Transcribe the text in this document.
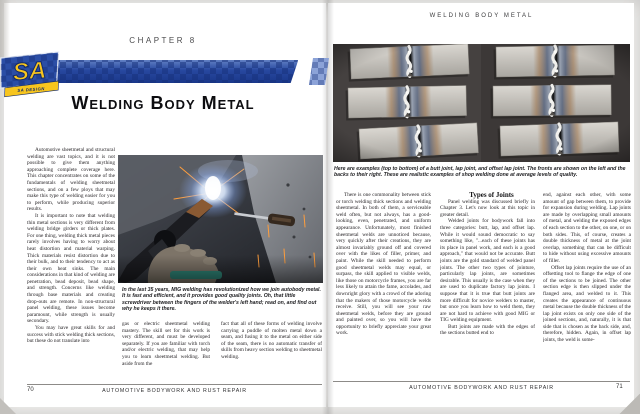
CHAPTER 8
SA
SA DESIGN
Welding Body Metal

Automotive sheetmetal and structural welding are vast topics, and it is not possible to give them anything approaching complete coverage here. This chapter concentrates on some of the fundamentals of welding sheetmetal sections, and on a few ploys that may make this type of welding easier for you to perform, while producing superior results.

It is important to note that welding thin metal sections is very different from welding bridge girders or thick plates. For one thing, welding thick metal pieces rarely involves having to worry about heat distortion and material warping. Thick materials resist distortion due to their bulk, and to their tendency to act as their own heat sinks. The main considerations in that kind of welding are penetration, bead deposit, bead shape, and strength. Concerns like welding through base materials and creating drop-outs are remote. In non-structural panel welding, these issues become paramount, while strength is usually secondary.

You may have great skills for and success with stick welding thick sections, but these do not translate into

In the last 35 years, MIG welding has revolutionized how we join autobody metal. It is fast and efficient, and it provides good quality joints. Oh, that little screwdriver between the fingers of the welder's left hand; read on, and find out why he keeps it there.

gas or electric sheetmetal welding mastery. The skill set for this work is very different, and must be developed separately. If you are familiar with torch and/or electric welding, that may help you to learn sheetmetal welding. But aside from the

fact that all of these forms of welding involve carrying a puddle of molten metal down a seam, and fusing it to the metal on either side of the seam, there is no automatic transfer of skills from heavy section welding to sheetmetal welding.

70	AUTOMOTIVE BODYWORK AND RUST REPAIR
WELDING BODY METAL
Here are examples (top to bottom) of a butt joint, lap joint, and offset lap joint. The fronts are shown on the left and the backs to their right. These are realistic examples of shop welding done at average levels of quality.

There is one commonality between stick or torch welding thick sections and welding sheetmetal. In both of them, a serviceable weld often, but not always, has a good-looking, even, penetrated, and uniform appearance. Unfortunately, most finished sheetmetal welds are unnoticed because, very quickly after their creations, they are almost invariably ground off and covered over with the likes of filler, primer, and paint. While the skill needed to perform good sheetmetal welds may equal, or surpass, the skill applied to visible welds, like those on motorcycle frames, you are far less likely to attain the fame, accolades, and downright glory with a crowd of the adoring that the makers of those motorcycle welds receive. Still, you will see your raw sheetmetal welds, before they are ground and painted over, so you will have the opportunity to briefly appreciate your great work.

Types of Joints

Panel welding was discussed briefly in Chapter 3. Let's now look at this topic in greater detail.

Welded joints for bodywork fall into three categories: butt, lap, and offset lap. While it would sound democratic to say something like, "...each of these joints has its place in panel work, and each is a good approach," that would not be accurate. Butt joints are the gold standard of welded panel joints. The other two types of jointure, particularly lap joints, are sometimes desirable. This usually is the case when they are used to duplicate factory lap joints. I suppose that it is true that butt joints are more difficult for novice welders to master, but once you learn how to weld them, they are not hard to achieve with good MIG or TIG welding equipment.

Butt joints are made with the edges of the sections butted end to

end, against each other, with some amount of gap between them, to provide for expansion during welding. Lap joints are made by overlapping small amounts of metal, and welding the exposed edges of each section to the other, on one, or on both sides. This, of course, creates a double thickness of metal at the joint overlap, something that can be difficult to hide without using excessive amounts of filler.

Offset lap joints require the use of an offsetting tool to flange the edge of one of the sections to be joined. The other section edge is then slipped under the flanged area, and welded to it. This creates the appearance of continuous metal because the double thickness of the lap joint exists on only one side of the joined sections, and, naturally, it is that side that is chosen as the back side, and, therefore, hidden. Again, in offset lap joints, the weld is some-

AUTOMOTIVE BODYWORK AND RUST REPAIR	71
